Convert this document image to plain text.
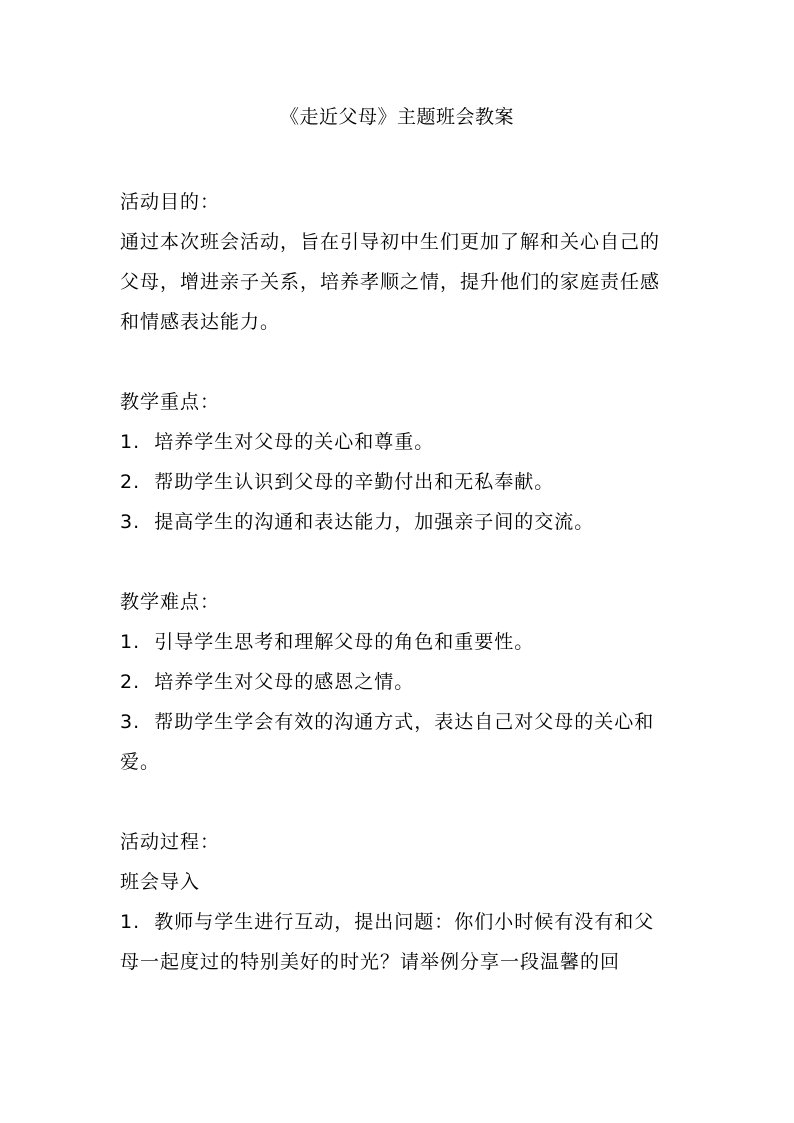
《走近父母》主题班会教案

活动目的：

通过本次班会活动，旨在引导初中生们更加了解和关心自己的父母，增进亲子关系，培养孝顺之情，提升他们的家庭责任感和情感表达能力。

教学重点：

1.  培养学生对父母的关心和尊重。

2.  帮助学生认识到父母的辛勤付出和无私奉献。

3.  提高学生的沟通和表达能力，加强亲子间的交流。

教学难点：

1.  引导学生思考和理解父母的角色和重要性。

2.  培养学生对父母的感恩之情。

3.  帮助学生学会有效的沟通方式，表达自己对父母的关心和爱。

活动过程：

班会导入

1.  教师与学生进行互动，提出问题：你们小时候有没有和父母一起度过的特别美好的时光？请举例分享一段温馨的回
